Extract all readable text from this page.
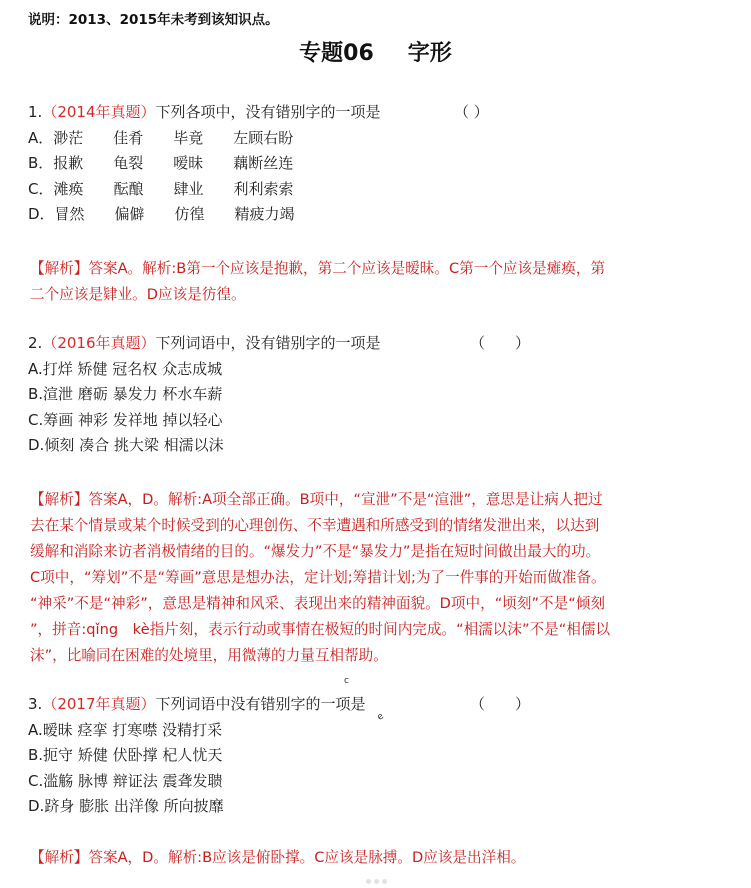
说明：2013、2015年未考到该知识点。
专题06 字形
1.（2014年真题）下列各项中，没有错别字的一项是
A．渺茫　　佳肴　　毕竟　　左顾右盼
B．报歉　　龟裂　　嗳昧　　藕断丝连
C．滩痪　　酝酿　　肆业　　利利索索
D．冒然　　偏僻　　仿徨　　精疲力竭
（ ）

【解析】答案A。解析:B第一个应该是抱歉，第二个应该是暧昧。C第一个应该是瘫痪，第

二个应该是肄业。D应该是彷徨。

2.（2016年真题）下列词语中，没有错别字的一项是
A.打烊 矫健 冠名权 众志成城
B.渲泄 磨砺 暴发力 杯水车薪
C.筹画 神彩 发祥地 掉以轻心
D.倾刻 凑合 挑大梁 相濡以沫
（　　）

【解析】答案A，D。解析:A项全部正确。B项中，“宣泄”不是“渲泄”，意思是让病人把过

去在某个情景或某个时候受到的心理创伤、不幸遭遇和所感受到的情绪发泄出来，以达到

缓解和消除来访者消极情绪的目的。“爆发力”不是“暴发力”是指在短时间做出最大的功。

C项中，“筹划”不是“筹画”意思是想办法，定计划;筹措计划;为了一件事的开始而做准备。

“神采”不是“神彩”，意思是精神和风采、表现出来的精神面貌。D项中，“顷刻”不是“倾刻

”，拼音:qǐng　kè指片刻，表示行动或事情在极短的时间内完成。“相濡以沫”不是“相儒以

沫”，比喻同在困难的处境里，用微薄的力量互相帮助。

c
e
3.（2017年真题）下列词语中没有错别字的一项是
A.暧昧 痉挛 打寒噤 没精打采
B.扼守 矫健 伏卧撑 杞人忧天
C.滥觞 脉博 辩证法 震聋发聩
D.跻身 膨胀 出洋像 所向披靡
（　　）

【解析】答案A，D。解析:B应该是俯卧撑。C应该是脉搏。D应该是出洋相。
